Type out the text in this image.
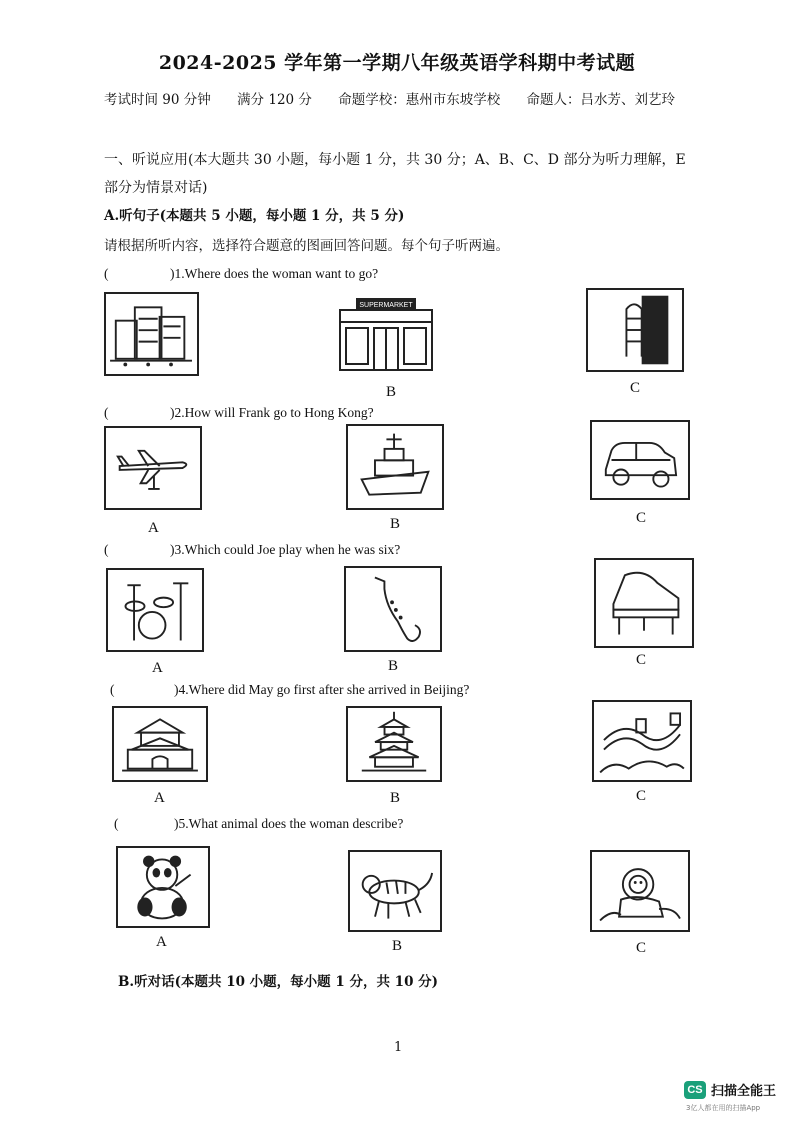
2024-2025 学年第一学期八年级英语学科期中考试题
考试时间 90 分钟 满分 120 分 命题学校：惠州市东坡学校 命题人：吕水芳、刘艺玲
一、听说应用(本大题共 30 小题，每小题 1 分，共 30 分；A、B、C、D 部分为听力理解，E 部分为情景对话)
A.听句子(本题共 5 小题，每小题 1 分，共 5 分)
请根据所听内容，选择符合题意的图画回答问题。每个句子听两遍。
(	)1.Where does the woman want to go?
SUPERMARKET
B	C
(	)2.How will Frank go to Hong Kong?
A	B	C
(	)3.Which could Joe play when he was six?
A	B	C
(	)4.Where did May go first after she arrived in Beijing?
A	B	C
(	)5.What animal does the woman describe?
A	B	C
B.听对话(本题共 10 小题，每小题 1 分，共 10 分)
1
CS 扫描全能王
3亿人都在用的扫描App
